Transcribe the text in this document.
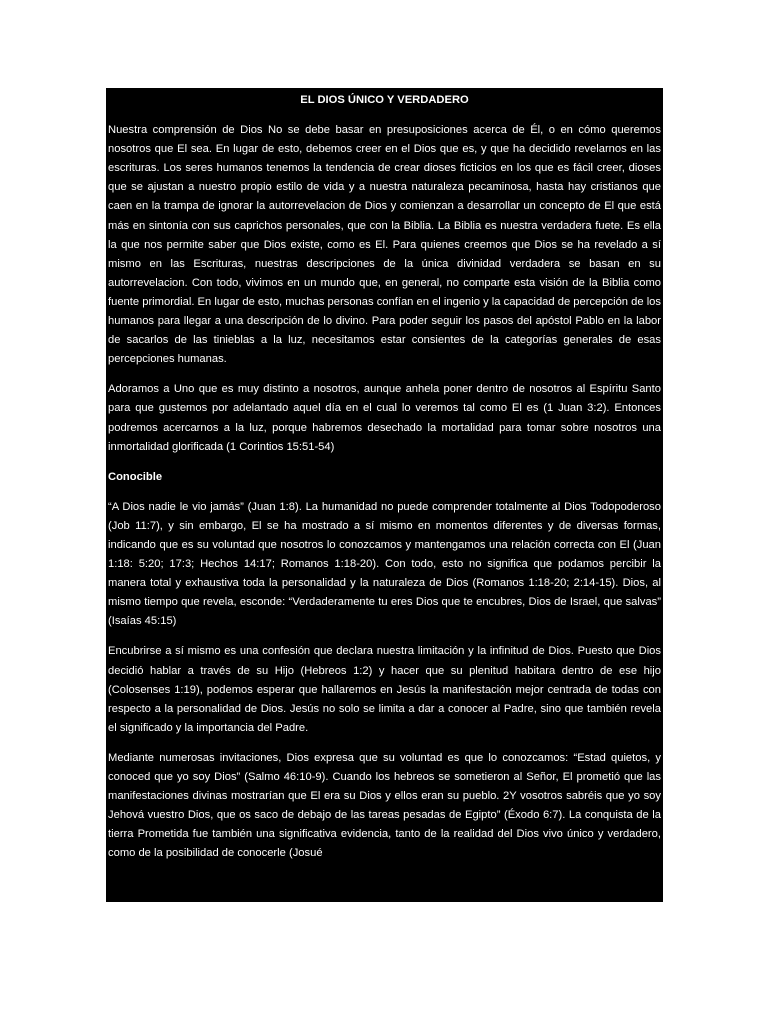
EL DIOS ÚNICO Y VERDADERO

Nuestra comprensión de Dios No se debe basar en presuposiciones acerca de Él, o en cómo queremos nosotros que El sea. En lugar de esto, debemos creer en el Dios que es, y que ha decidido revelarnos en las escrituras. Los seres humanos tenemos la tendencia de crear dioses ficticios en los que es fácil creer, dioses que se ajustan a nuestro propio estilo de vida y a nuestra naturaleza pecaminosa, hasta hay cristianos que caen en la trampa de ignorar la autorrevelacion de Dios y comienzan a desarrollar un concepto de El que está más en sintonía con sus caprichos personales, que con la Biblia. La Biblia es nuestra verdadera fuete. Es ella la que nos permite saber que Dios existe, como es El. Para quienes creemos que Dios se ha revelado a sí mismo en las Escrituras, nuestras descripciones de la única divinidad verdadera se basan en su autorrevelacion. Con todo, vivimos en un mundo que, en general, no comparte esta visión de la Biblia como fuente primordial. En lugar de esto, muchas personas confían en el ingenio y la capacidad de percepción de los humanos para llegar a una descripción de lo divino. Para poder seguir los pasos del apóstol Pablo en la labor de sacarlos de las tinieblas a la luz, necesitamos estar consientes de la categorías generales de esas percepciones humanas.

Adoramos a Uno que es muy distinto a nosotros, aunque anhela poner dentro de nosotros al Espíritu Santo para que gustemos por adelantado aquel día en el cual lo veremos tal como El es (1 Juan 3:2). Entonces podremos acercarnos a la luz, porque habremos desechado la mortalidad para tomar sobre nosotros una inmortalidad glorificada (1 Corintios 15:51-54)

Conocible

“A Dios nadie le vio jamás” (Juan 1:8). La humanidad no puede comprender totalmente al Dios Todopoderoso (Job 11:7), y sin embargo, El se ha mostrado a sí mismo en momentos diferentes y de diversas formas, indicando que es su voluntad que nosotros lo conozcamos y mantengamos una relación correcta con El (Juan 1:18: 5:20; 17:3; Hechos 14:17; Romanos 1:18-20). Con todo, esto no significa que podamos percibir la manera total y exhaustiva toda la personalidad y la naturaleza de Dios (Romanos 1:18-20; 2:14-15). Dios, al mismo tiempo que revela, esconde: “Verdaderamente tu eres Dios que te encubres, Dios de Israel, que salvas” (Isaías 45:15)

Encubrirse a sí mismo es una confesión que declara nuestra limitación y la infinitud de Dios. Puesto que Dios decidió hablar a través de su Hijo (Hebreos 1:2) y hacer que su plenitud habitara dentro de ese hijo (Colosenses 1:19), podemos esperar que hallaremos en Jesús la manifestación mejor centrada de todas con respecto a la personalidad de Dios. Jesús no solo se limita a dar a conocer al Padre, sino que también revela el significado y la importancia del Padre.

Mediante numerosas invitaciones, Dios expresa que su voluntad es que lo conozcamos: “Estad quietos, y conoced que yo soy Dios” (Salmo 46:10-9). Cuando los hebreos se sometieron al Señor, El prometió que las manifestaciones divinas mostrarían que El era su Dios y ellos eran su pueblo. 2Y vosotros sabréis que yo soy Jehová vuestro Dios, que os saco de debajo de las tareas pesadas de Egipto” (Éxodo 6:7). La conquista de la tierra Prometida fue también una significativa evidencia, tanto de la realidad del Dios vivo único y verdadero, como de la posibilidad de conocerle (Josué
